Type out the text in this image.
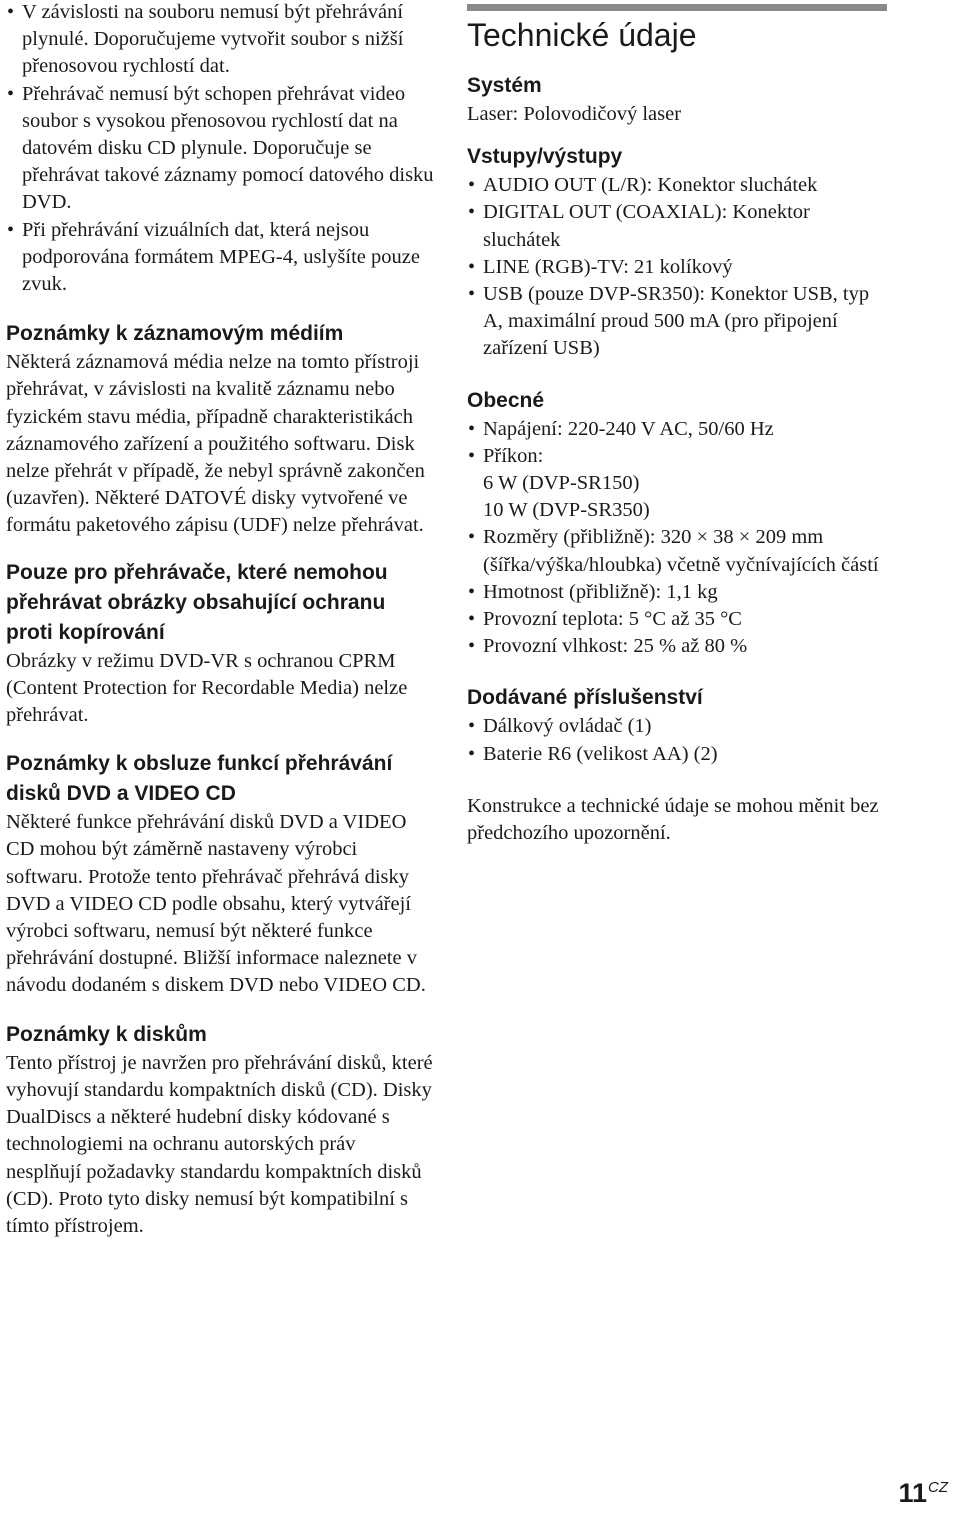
• V závislosti na souboru nemusí být přehrávání plynulé. Doporučujeme vytvořit soubor s nižší přenosovou rychlostí dat.
• Přehrávač nemusí být schopen přehrávat video soubor s vysokou přenosovou rychlostí dat na datovém disku CD plynule. Doporučuje se přehrávat takové záznamy pomocí datového disku DVD.
• Při přehrávání vizuálních dat, která nejsou podporována formátem MPEG-4, uslyšíte pouze zvuk.
Poznámky k záznamovým médiím

Některá záznamová média nelze na tomto přístroji přehrávat, v závislosti na kvalitě záznamu nebo fyzickém stavu média, případně charakteristikách záznamového zařízení a použitého softwaru. Disk nelze přehrát v případě, že nebyl správně zakončen (uzavřen). Některé DATOVÉ disky vytvořené ve formátu paketového zápisu (UDF) nelze přehrávat.

Pouze pro přehrávače, které nemohou přehrávat obrázky obsahující ochranu proti kopírování

Obrázky v režimu DVD-VR s ochranou CPRM (Content Protection for Recordable Media) nelze přehrávat.

Poznámky k obsluze funkcí přehrávání disků DVD a VIDEO CD

Některé funkce přehrávání disků DVD a VIDEO CD mohou být záměrně nastaveny výrobci softwaru. Protože tento přehrávač přehrává disky DVD a VIDEO CD podle obsahu, který vytvářejí výrobci softwaru, nemusí být některé funkce přehrávání dostupné. Bližší informace naleznete v návodu dodaném s diskem DVD nebo VIDEO CD.

Poznámky k diskům

Tento přístroj je navržen pro přehrávání disků, které vyhovují standardu kompaktních disků (CD). Disky DualDiscs a některé hudební disky kódované s technologiemi na ochranu autorských práv nesplňují požadavky standardu kompaktních disků (CD). Proto tyto disky nemusí být kompatibilní s tímto přístrojem.

Technické údaje
Systém

Laser: Polovodičový laser

Vstupy/výstupy
• AUDIO OUT (L/R): Konektor sluchátek
• DIGITAL OUT (COAXIAL): Konektor sluchátek
• LINE (RGB)-TV: 21 kolíkový
• USB (pouze DVP-SR350): Konektor USB, typ A, maximální proud 500 mA (pro připojení zařízení USB)
Obecné
• Napájení: 220-240 V AC, 50/60 Hz
• Příkon:
6 W (DVP-SR150)
10 W (DVP-SR350)
• Rozměry (přibližně): 320 × 38 × 209 mm (šířka/výška/hloubka) včetně vyčnívajících částí
• Hmotnost (přibližně): 1,1 kg
• Provozní teplota: 5 °C až 35 °C
• Provozní vlhkost: 25 % až 80 %
Dodávané příslušenství
• Dálkový ovládač (1)
• Baterie R6 (velikost AA) (2)

Konstrukce a technické údaje se mohou měnit bez předchozího upozornění.

$11^{CZ}$
